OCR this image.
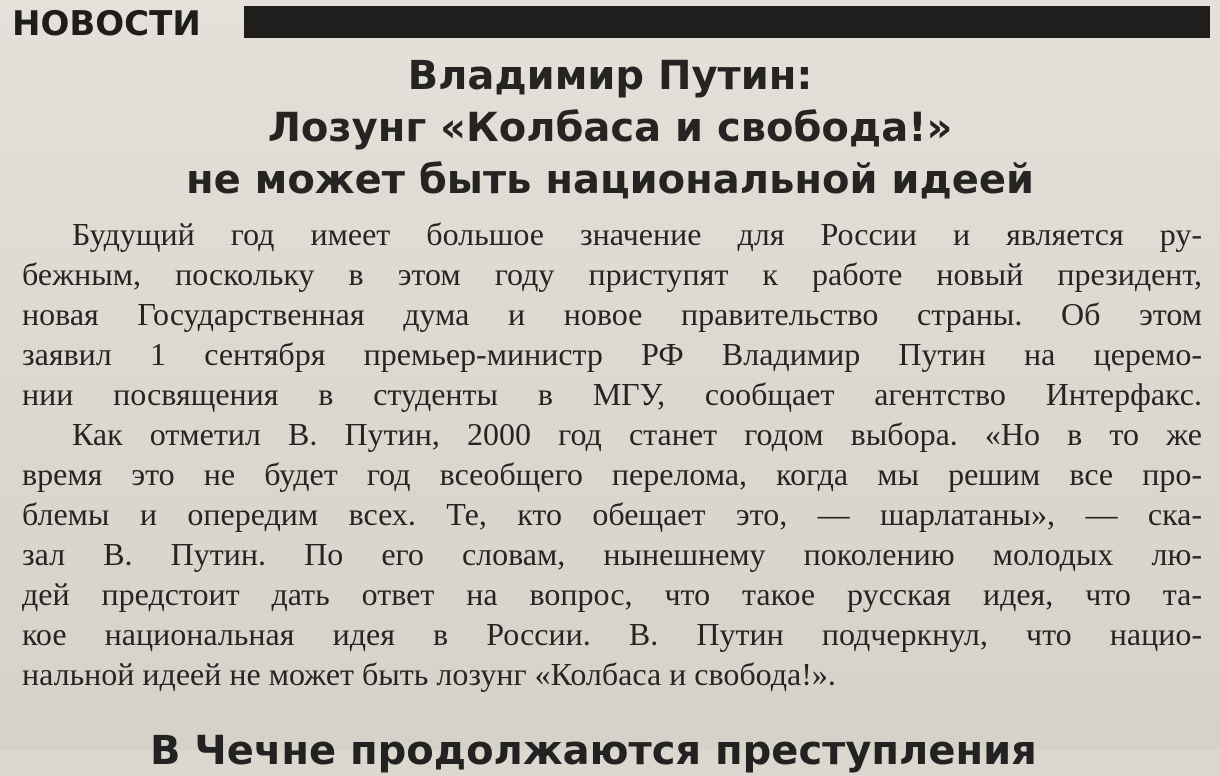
НОВОСТИ
Владимир Путин:
Лозунг «Колбаса и свобода!»
не может быть национальной идеей
Будущий год имеет большое значение для России и является ру-
бежным, поскольку в этом году приступят к работе новый президент,
новая Государственная дума и новое правительство страны. Об этом
заявил 1 сентября премьер-министр РФ Владимир Путин на церемо-
нии посвящения в студенты в МГУ, сообщает агентство Интерфакс.
Как отметил В. Путин, 2000 год станет годом выбора. «Но в то же
время это не будет год всеобщего перелома, когда мы решим все про-
блемы и опередим всех. Те, кто обещает это, — шарлатаны», — ска-
зал В. Путин. По его словам, нынешнему поколению молодых лю-
дей предстоит дать ответ на вопрос, что такое русская идея, что та-
кое национальная идея в России. В. Путин подчеркнул, что нацио-
нальной идеей не может быть лозунг «Колбаса и свобода!».
В Чечне продолжаются преступления
